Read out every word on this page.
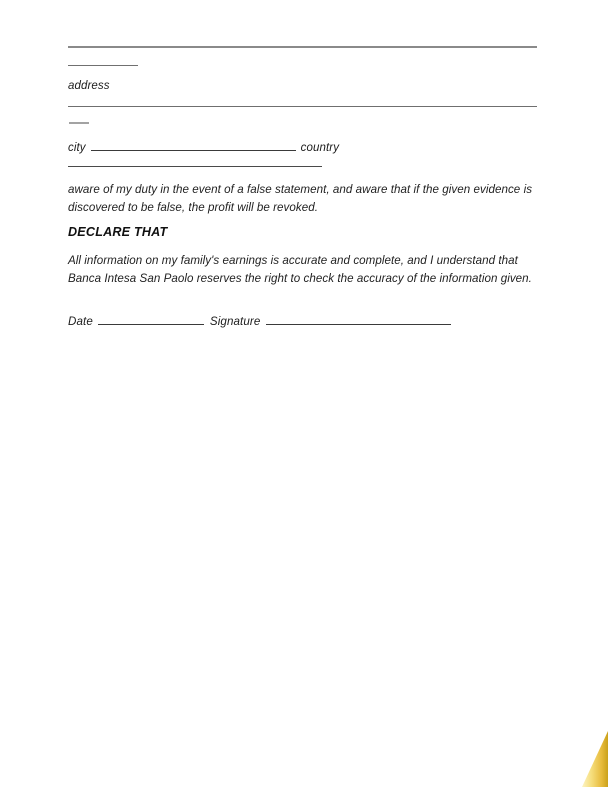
address
city	country
aware of my duty in the event of a false statement, and aware that if the given evidence is discovered to be false, the profit will be revoked.
DECLARE THAT
All information on my family's earnings is accurate and complete, and I understand that Banca Intesa San Paolo reserves the right to check the accuracy of the information given.
Date	Signature
